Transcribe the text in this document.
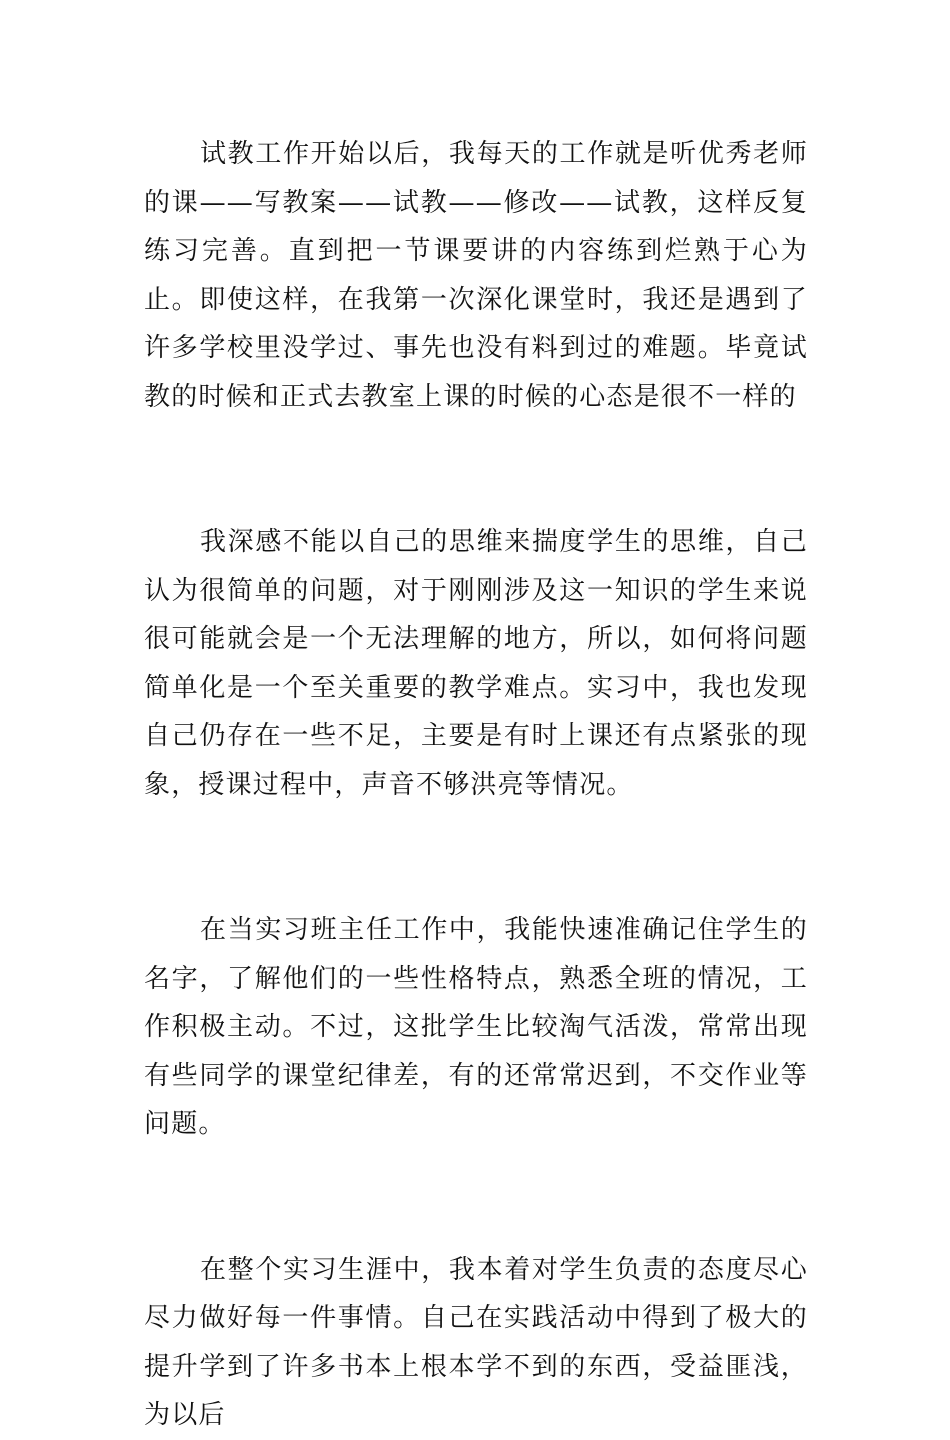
试教工作开始以后，我每天的工作就是听优秀老师的课——写教案——试教——修改——试教，这样反复练习完善。直到把一节课要讲的内容练到烂熟于心为止。即使这样，在我第一次深化课堂时，我还是遇到了许多学校里没学过、事先也没有料到过的难题。毕竟试教的时候和正式去教室上课的时候的心态是很不一样的

我深感不能以自己的思维来揣度学生的思维，自己认为很简单的问题，对于刚刚涉及这一知识的学生来说很可能就会是一个无法理解的地方，所以，如何将问题简单化是一个至关重要的教学难点。实习中，我也发现自己仍存在一些不足，主要是有时上课还有点紧张的现象，授课过程中，声音不够洪亮等情况。

在当实习班主任工作中，我能快速准确记住学生的名字，了解他们的一些性格特点，熟悉全班的情况，工作积极主动。不过，这批学生比较淘气活泼，常常出现有些同学的课堂纪律差，有的还常常迟到，不交作业等问题。

在整个实习生涯中，我本着对学生负责的态度尽心尽力做好每一件事情。自己在实践活动中得到了极大的提升学到了许多书本上根本学不到的东西，受益匪浅，为以后
